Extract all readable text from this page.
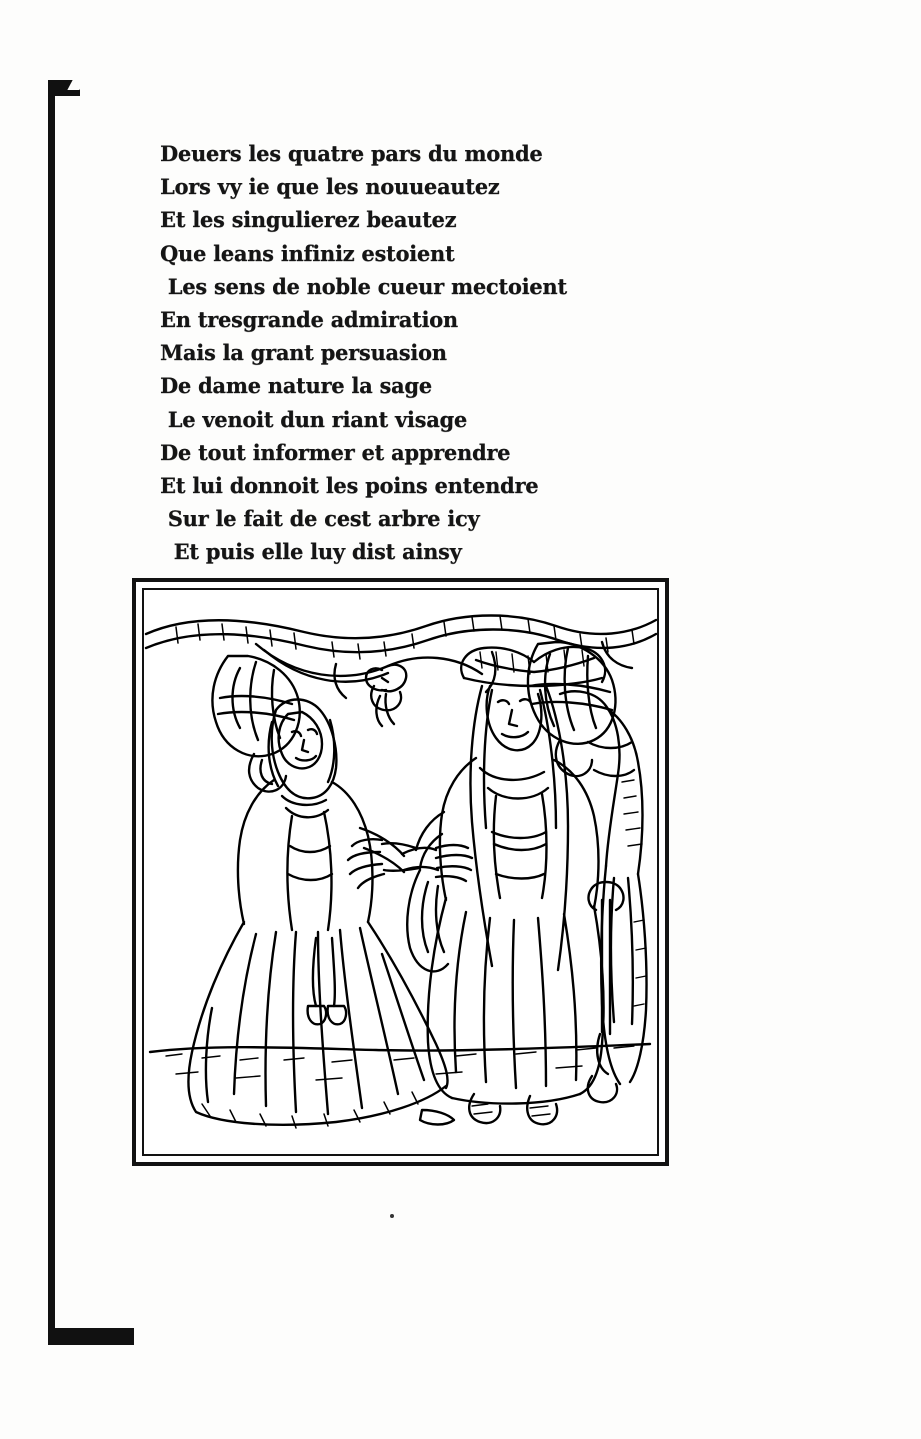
Deuers les quatre pars du monde
Lors vy ie que les nouueautez
Et les singulierez beautez
Que leans infiniz estoient
Les sens de noble cueur mectoient
En tresgrande admiration
Mais la grant persuasion
De dame nature la sage
Le venoit dun riant visage
De tout informer et apprendre
Et lui donnoit les poins entendre
Sur le fait de cest arbre icy
Et puis elle luy dist ainsy
